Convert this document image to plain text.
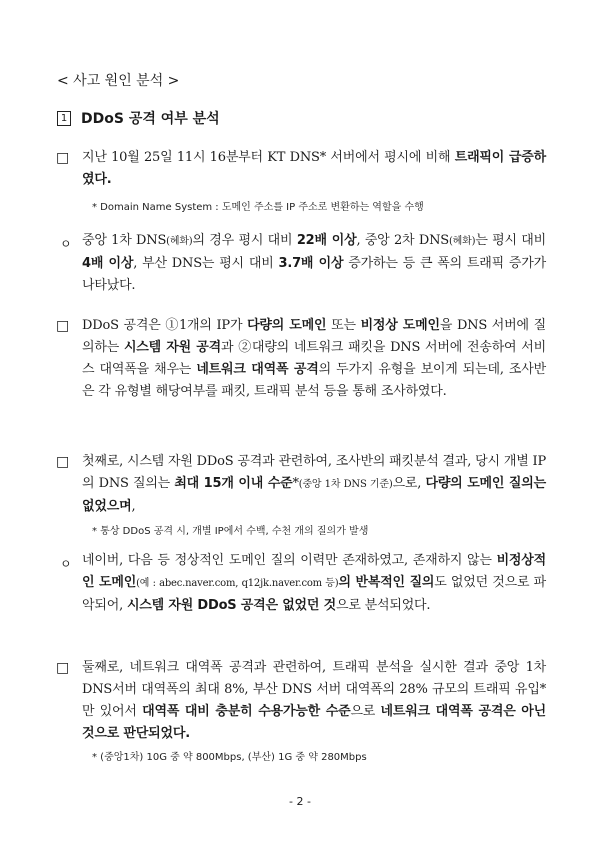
< 사고 원인 분석 >
1 DDoS 공격 여부 분석
□ 지난 10월 25일 11시 16분부터 KT DNS* 서버에서 평시에 비해 트래픽이 급증하였다.
* Domain Name System : 도메인 주소를 IP 주소로 변환하는 역할을 수행
ㅇ 중앙 1차 DNS(혜화)의 경우 평시 대비 22배 이상, 중앙 2차 DNS(혜화)는 평시 대비 4배 이상, 부산 DNS는 평시 대비 3.7배 이상 증가하는 등 큰 폭의 트래픽 증가가 나타났다.
□ DDoS 공격은 ①1개의 IP가 다량의 도메인 또는 비정상 도메인을 DNS 서버에 질의하는 시스템 자원 공격과 ②대량의 네트워크 패킷을 DNS 서버에 전송하여 서비스 대역폭을 채우는 네트워크 대역폭 공격의 두가지 유형을 보이게 되는데, 조사반은 각 유형별 해당여부를 패킷, 트래픽 분석 등을 통해 조사하였다.
□ 첫째로, 시스템 자원 DDoS 공격과 관련하여, 조사반의 패킷분석 결과, 당시 개별 IP의 DNS 질의는 최대 15개 이내 수준*(중앙 1차 DNS 기준)으로, 다량의 도메인 질의는 없었으며,
* 통상 DDoS 공격 시, 개별 IP에서 수백, 수천 개의 질의가 발생
ㅇ 네이버, 다음 등 정상적인 도메인 질의 이력만 존재하였고, 존재하지 않는 비정상적인 도메인(예 : abec.naver.com, q12jk.naver.com 등)의 반복적인 질의도 없었던 것으로 파악되어, 시스템 자원 DDoS 공격은 없었던 것으로 분석되었다.
□ 둘째로, 네트워크 대역폭 공격과 관련하여, 트래픽 분석을 실시한 결과 중앙 1차 DNS서버 대역폭의 최대 8%, 부산 DNS 서버 대역폭의 28% 규모의 트래픽 유입*만 있어서 대역폭 대비 충분히 수용가능한 수준으로 네트워크 대역폭 공격은 아닌 것으로 판단되었다.
* (중앙1차) 10G 중 약 800Mbps, (부산) 1G 중 약 280Mbps
- 2 -
